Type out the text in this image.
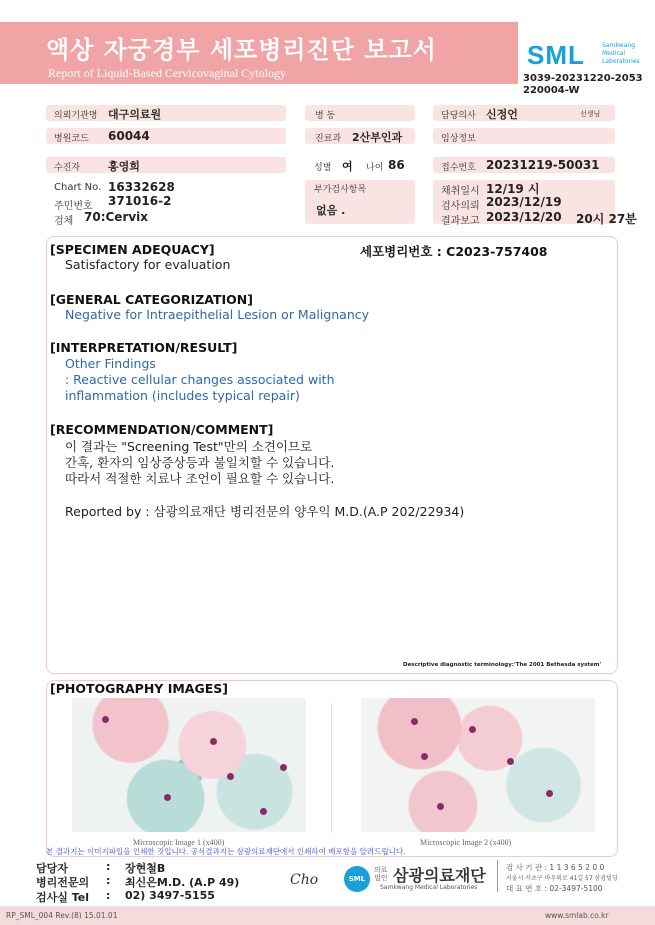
액상 자궁경부 세포병리진단 보고서
Report of Liquid-Based Cervicovaginal Cytology
SML	Samkwang Medical Laboratories
3039-20231220-2053
220004-W
의뢰기관명 대구의료원	병 동	담당의사 신정언	선생님
병원코드 60044	진료과 2산부인과	임상정보
수진자	홍영희	성별 여 나이 86	접수번호 20231219-50031
Chart No. 16332628
주민번호 371016-2
검체 70:Cervix
부가검사항목
없음 .
채취일시 12/19 시
검사의뢰 2023/12/19
결과보고 2023/12/20 20시 27분
[SPECIMEN ADEQUACY]	세포병리번호 : C2023-757408
Satisfactory for evaluation
[GENERAL CATEGORIZATION]
Negative for Intraepithelial Lesion or Malignancy
[INTERPRETATION/RESULT]
Other Findings
: Reactive cellular changes associated with
inflammation (includes typical repair)
[RECOMMENDATION/COMMENT]
이 결과는 "Screening Test"만의 소견이므로
간혹, 환자의 임상증상등과 불일치할 수 있습니다.
따라서 적절한 치료나 조언이 필요할 수 있습니다.
Reported by : 삼광의료재단 병리전문의 양우익 M.D.(A.P 202/22934)
Descriptive diagnostic terminology:'The 2001 Bethesda system'
[PHOTOGRAPHY IMAGES]
Microscopic Image 1 (x400)	Microscopic Image 2 (x400)
본 결과지는 이미지파일을 인쇄한 것입니다. 공식결과지는 삼광의료재단에서 인쇄하여 배포함을 알려드립니다.
담당자	: 장현철B
병리전문의 : 최신은M.D. (A.P 49)
검사실 Tel : 02) 3497-5155
Cho	SML
의료법인 삼광의료재단
Samkwang Medical Laboratories
검 사 기 관 : 1 1 3 6 5 2 0 0
서울시 서초구 바우뫼로 41길 57 삼광빌딩
대 표 번 호 : 02-3497-5100
RP_SML_004 Rev.(8) 15.01.01	www.smlab.co.kr
